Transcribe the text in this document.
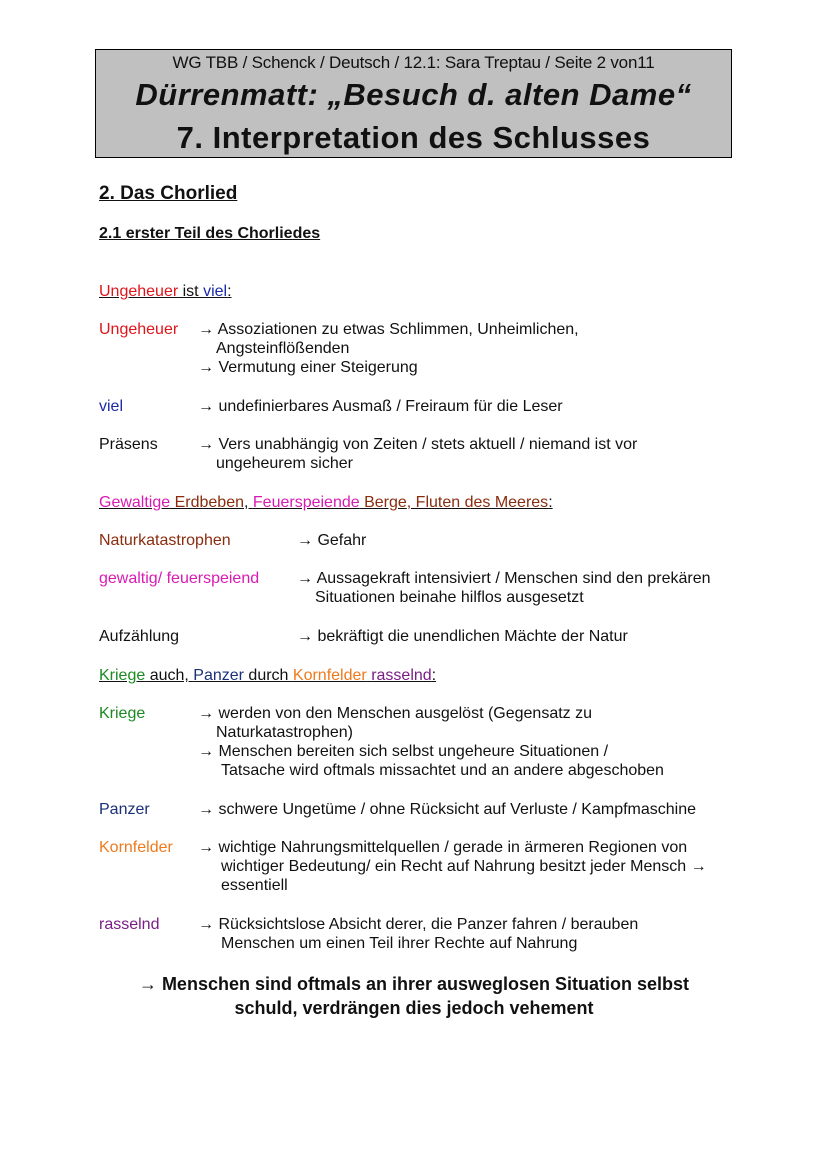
WG TBB / Schenck / Deutsch / 12.1: Sara Treptau / Seite 2 von11
Dürrenmatt: „Besuch d. alten Dame“
7. Interpretation des Schlusses
2. Das Chorlied
2.1 erster Teil des Chorliedes
Ungeheuer ist viel:
Ungeheuer → Assoziationen zu etwas Schlimmen, Unheimlichen,
Angsteinflößenden
→ Vermutung einer Steigerung
viel	→ undefinierbares Ausmaß / Freiraum für die Leser
Präsens	→ Vers unabhängig von Zeiten / stets aktuell / niemand ist vor
ungeheurem sicher
Gewaltige Erdbeben, Feuerspeiende Berge, Fluten des Meeres:
Naturkatastrophen	→ Gefahr
gewaltig/ feuerspeiend → Aussagekraft intensiviert / Menschen sind den prekären
Situationen beinahe hilflos ausgesetzt
Aufzählung	→ bekräftigt die unendlichen Mächte der Natur
Kriege auch, Panzer durch Kornfelder rasselnd:
Kriege	→ werden von den Menschen ausgelöst (Gegensatz zu
Naturkatastrophen)
→ Menschen bereiten sich selbst ungeheure Situationen /
Tatsache wird oftmals missachtet und an andere abgeschoben
Panzer	→ schwere Ungetüme / ohne Rücksicht auf Verluste / Kampfmaschine
Kornfelder → wichtige Nahrungsmittelquellen / gerade in ärmeren Regionen von
wichtiger Bedeutung/ ein Recht auf Nahrung besitzt jeder Mensch →
essentiell
rasselnd → Rücksichtslose Absicht derer, die Panzer fahren / berauben
Menschen um einen Teil ihrer Rechte auf Nahrung
→ Menschen sind oftmals an ihrer ausweglosen Situation selbst
schuld, verdrängen dies jedoch vehement
